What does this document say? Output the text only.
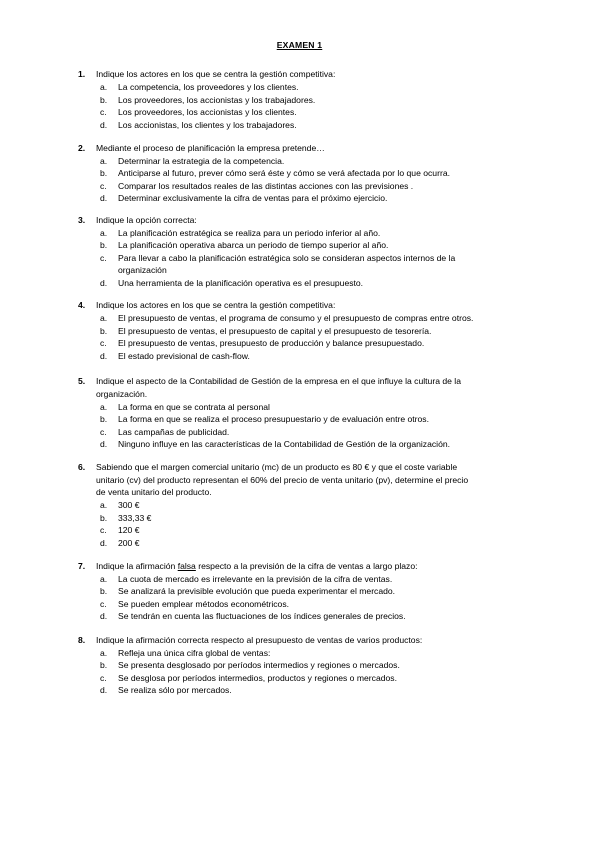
EXAMEN 1
1. Indique los actores en los que se centra la gestión competitiva:
a. La competencia, los proveedores y los clientes.
b. Los proveedores, los accionistas y los trabajadores.
c. Los proveedores, los accionistas y los clientes.
d. Los accionistas, los clientes y los trabajadores.
2. Mediante el proceso de planificación la empresa pretende…
a. Determinar la estrategia de la competencia.
b. Anticiparse al futuro, prever cómo será éste y cómo se verá afectada por lo que ocurra.
c. Comparar los resultados reales de las distintas acciones con las previsiones .
d. Determinar exclusivamente la cifra de ventas para el próximo ejercicio.
3. Indique la opción correcta:
a. La planificación estratégica se realiza para un periodo inferior al año.
b. La planificación operativa abarca un periodo de tiempo superior al año.
c. Para llevar a cabo la planificación estratégica solo se consideran aspectos internos de la
organización
d. Una herramienta de la planificación operativa es el presupuesto.
4. Indique los actores en los que se centra la gestión competitiva:
a. El presupuesto de ventas, el programa de consumo y el presupuesto de compras entre otros.
b. El presupuesto de ventas, el presupuesto de capital y el presupuesto de tesorería.
c. El presupuesto de ventas, presupuesto de producción y balance presupuestado.
d. El estado previsional de cash-flow.
5. Indique el aspecto de la Contabilidad de Gestión de la empresa en el que influye la cultura de la
organización.
a. La forma en que se contrata al personal
b. La forma en que se realiza el proceso presupuestario y de evaluación entre otros.
c. Las campañas de publicidad.
d. Ninguno influye en las características de la Contabilidad de Gestión de la organización.
6. Sabiendo que el margen comercial unitario (mc) de un producto es 80 € y que el coste variable
unitario (cv) del producto representan el 60% del precio de venta unitario (pv), determine el precio
de venta unitario del producto.
a. 300 €
b. 333,33 €
c. 120 €
d. 200 €
7. Indique la afirmación falsa respecto a la previsión de la cifra de ventas a largo plazo:
a. La cuota de mercado es irrelevante en la previsión de la cifra de ventas.
b. Se analizará la previsible evolución que pueda experimentar el mercado.
c. Se pueden emplear métodos econométricos.
d. Se tendrán en cuenta las fluctuaciones de los índices generales de precios.
8. Indique la afirmación correcta respecto al presupuesto de ventas de varios productos:
a. Refleja una única cifra global de ventas:
b. Se presenta desglosado por períodos intermedios y regiones o mercados.
c. Se desglosa por períodos intermedios, productos y regiones o mercados.
d. Se realiza sólo por mercados.
